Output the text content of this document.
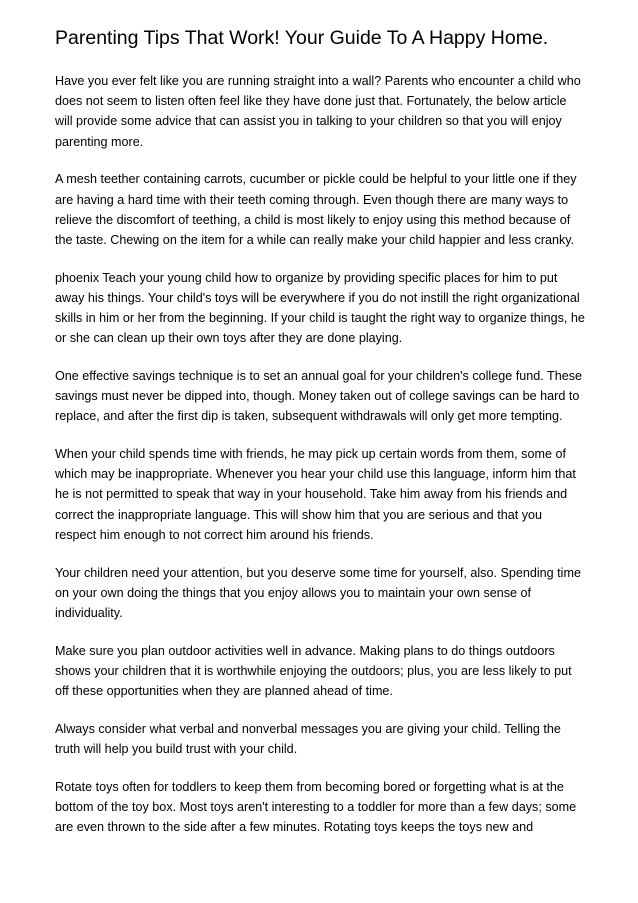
Parenting Tips That Work! Your Guide To A Happy Home.

Have you ever felt like you are running straight into a wall? Parents who encounter a child who does not seem to listen often feel like they have done just that. Fortunately, the below article will provide some advice that can assist you in talking to your children so that you will enjoy parenting more.

A mesh teether containing carrots, cucumber or pickle could be helpful to your little one if they are having a hard time with their teeth coming through. Even though there are many ways to relieve the discomfort of teething, a child is most likely to enjoy using this method because of the taste. Chewing on the item for a while can really make your child happier and less cranky.

phoenix Teach your young child how to organize by providing specific places for him to put away his things. Your child's toys will be everywhere if you do not instill the right organizational skills in him or her from the beginning. If your child is taught the right way to organize things, he or she can clean up their own toys after they are done playing.

One effective savings technique is to set an annual goal for your children's college fund. These savings must never be dipped into, though. Money taken out of college savings can be hard to replace, and after the first dip is taken, subsequent withdrawals will only get more tempting.

When your child spends time with friends, he may pick up certain words from them, some of which may be inappropriate. Whenever you hear your child use this language, inform him that he is not permitted to speak that way in your household. Take him away from his friends and correct the inappropriate language. This will show him that you are serious and that you respect him enough to not correct him around his friends.

Your children need your attention, but you deserve some time for yourself, also. Spending time on your own doing the things that you enjoy allows you to maintain your own sense of individuality.

Make sure you plan outdoor activities well in advance. Making plans to do things outdoors shows your children that it is worthwhile enjoying the outdoors; plus, you are less likely to put off these opportunities when they are planned ahead of time.

Always consider what verbal and nonverbal messages you are giving your child. Telling the truth will help you build trust with your child.

Rotate toys often for toddlers to keep them from becoming bored or forgetting what is at the bottom of the toy box. Most toys aren't interesting to a toddler for more than a few days; some are even thrown to the side after a few minutes. Rotating toys keeps the toys new and
